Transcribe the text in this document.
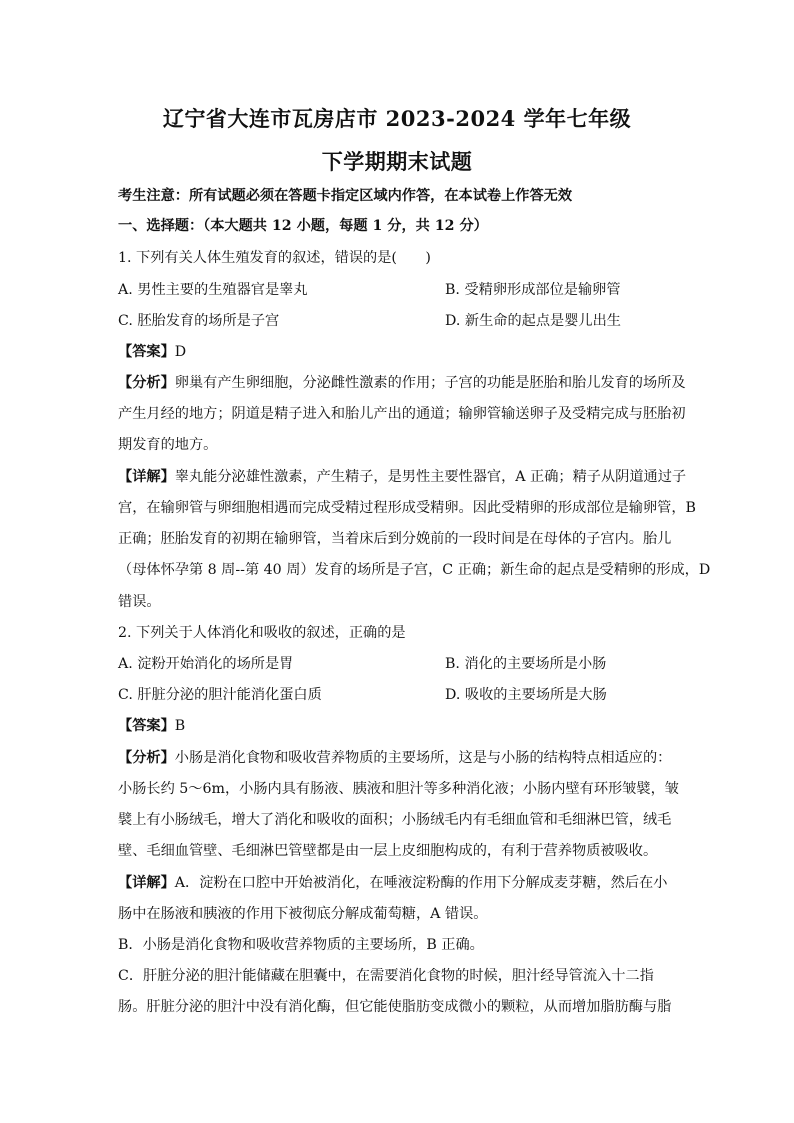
辽宁省大连市瓦房店市 2023-2024 学年七年级
下学期期末试题
考生注意：所有试题必须在答题卡指定区域内作答，在本试卷上作答无效
一、选择题：（本大题共 12 小题，每题 1 分，共 12 分）
1. 下列有关人体生殖发育的叙述，错误的是(　　)
A. 男性主要的生殖器官是睾丸	B. 受精卵形成部位是输卵管
C. 胚胎发育的场所是子宫	D. 新生命的起点是婴儿出生
【答案】D
【分析】卵巢有产生卵细胞，分泌雌性激素的作用；子宫的功能是胚胎和胎儿发育的场所及
产生月经的地方；阴道是精子进入和胎儿产出的通道；输卵管输送卵子及受精完成与胚胎初
期发育的地方。
【详解】睾丸能分泌雄性激素，产生精子，是男性主要性器官，A 正确；精子从阴道通过子
宫，在输卵管与卵细胞相遇而完成受精过程形成受精卵。因此受精卵的形成部位是输卵管，B
正确；胚胎发育的初期在输卵管，当着床后到分娩前的一段时间是在母体的子宫内。胎儿
（母体怀孕第 8 周--第 40 周）发育的场所是子宫，C 正确；新生命的起点是受精卵的形成，D
错误。
2. 下列关于人体消化和吸收的叙述，正确的是
A. 淀粉开始消化的场所是胃	B. 消化的主要场所是小肠
C. 肝脏分泌的胆汁能消化蛋白质	D. 吸收的主要场所是大肠
【答案】B
【分析】小肠是消化食物和吸收营养物质的主要场所，这是与小肠的结构特点相适应的：
小肠长约 5～6m，小肠内具有肠液、胰液和胆汁等多种消化液；小肠内壁有环形皱襞，皱
襞上有小肠绒毛，增大了消化和吸收的面积；小肠绒毛内有毛细血管和毛细淋巴管，绒毛
壁、毛细血管壁、毛细淋巴管壁都是由一层上皮细胞构成的，有利于营养物质被吸收。
【详解】A．淀粉在口腔中开始被消化，在唾液淀粉酶的作用下分解成麦芽糖，然后在小
肠中在肠液和胰液的作用下被彻底分解成葡萄糖，A 错误。
B．小肠是消化食物和吸收营养物质的主要场所，B 正确。
C．肝脏分泌的胆汁能储藏在胆囊中，在需要消化食物的时候，胆汁经导管流入十二指
肠。肝脏分泌的胆汁中没有消化酶，但它能使脂肪变成微小的颗粒，从而增加脂肪酶与脂
